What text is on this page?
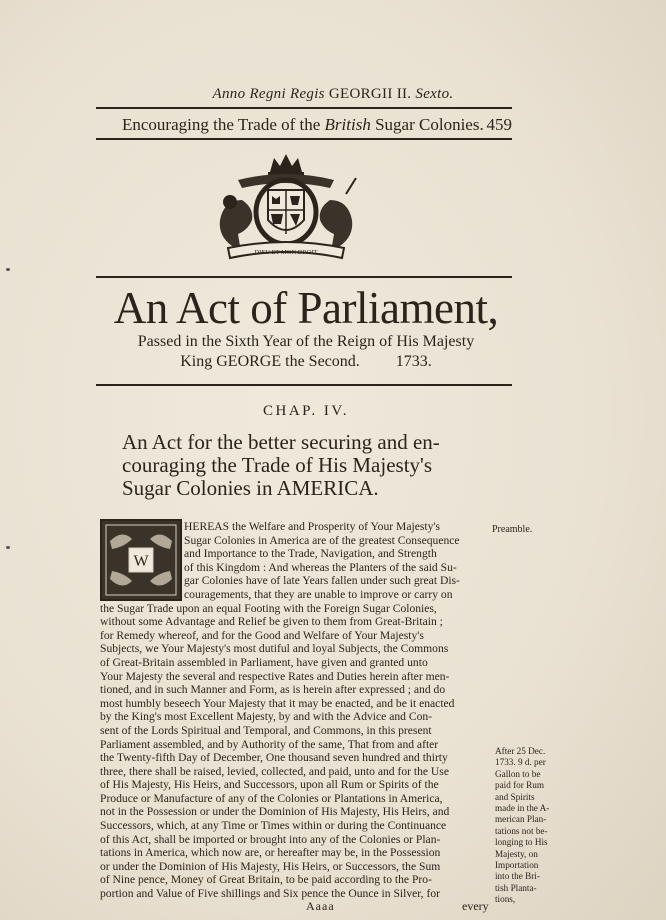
Anno Regni Regis GEORGII II. Sexto.
Encouraging the Trade of the British Sugar Colonies. 459
DIEU ET MON DROIT
An Act of Parliament,
Passed in the Sixth Year of the Reign of His Majesty
King GEORGE the Second. 1733.
CHAP. IV.
An Act for the better securing and en-
couraging the Trade of His Majesty's
Sugar Colonies in AMERICA.
W
HEREAS the Welfare and Prosperity of Your Majesty's
Sugar Colonies in America are of the greatest Consequence
and Importance to the Trade, Navigation, and Strength
of this Kingdom : And whereas the Planters of the said Su-
gar Colonies have of late Years fallen under such great Dis-
couragements, that they are unable to improve or carry on
the Sugar Trade upon an equal Footing with the Foreign Sugar Colonies,
without some Advantage and Relief be given to them from Great-Britain ;
for Remedy whereof, and for the Good and Welfare of Your Majesty's
Subjects, we Your Majesty's most dutiful and loyal Subjects, the Commons
of Great-Britain assembled in Parliament, have given and granted unto
Your Majesty the several and respective Rates and Duties herein after men-
tioned, and in such Manner and Form, as is herein after expressed ; and do
most humbly beseech Your Majesty that it may be enacted, and be it enacted
by the King's most Excellent Majesty, by and with the Advice and Con-
sent of the Lords Spiritual and Temporal, and Commons, in this present
Parliament assembled, and by Authority of the same, That from and after
the Twenty-fifth Day of December, One thousand seven hundred and thirty
three, there shall be raised, levied, collected, and paid, unto and for the Use
of His Majesty, His Heirs, and Successors, upon all Rum or Spirits of the
Produce or Manufacture of any of the Colonies or Plantations in America,
not in the Possession or under the Dominion of His Majesty, His Heirs, and
Successors, which, at any Time or Times within or during the Continuance
of this Act, shall be imported or brought into any of the Colonies or Plan-
tations in America, which now are, or hereafter may be, in the Possession
or under the Dominion of His Majesty, His Heirs, or Successors, the Sum
of Nine pence, Money of Great Britain, to be paid according to the Pro-
portion and Value of Five shillings and Six pence the Ounce in Silver, for
Preamble.
After 25 Dec.
1733. 9 d. per
Gallon to be
paid for Rum
and Spirits
made in the A-
merican Plan-
tations not be-
longing to His
Majesty, on
Importation
into the Bri-
tish Planta-
tions,
Aaaa	every
